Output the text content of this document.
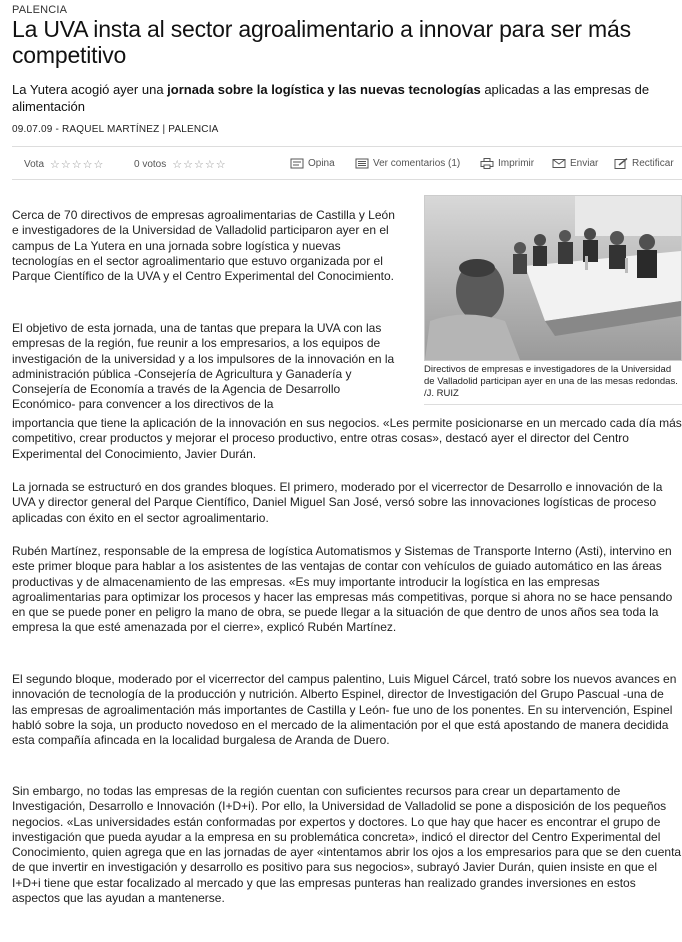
PALENCIA
La UVA insta al sector agroalimentario a innovar para ser más competitivo
La Yutera acogió ayer una jornada sobre la logística y las nuevas tecnologías aplicadas a las empresas de alimentación
09.07.09 - RAQUEL MARTÍNEZ | PALENCIA
Vota ☆☆☆☆☆	0 votos ☆☆☆☆☆	Opina	Ver comentarios (1)	Imprimir	Enviar	Rectificar
Directivos de empresas e investigadores de la Universidad de Valladolid participan ayer en una de las mesas redondas. /J. RUIZ

Cerca de 70 directivos de empresas agroalimentarias de Castilla y León e investigadores de la Universidad de Valladolid participaron ayer en el campus de La Yutera en una jornada sobre logística y nuevas tecnologías en el sector agroalimentario que estuvo organizada por el Parque Científico de la UVA y el Centro Experimental del Conocimiento.

El objetivo de esta jornada, una de tantas que prepara la UVA con las empresas de la región, fue reunir a los empresarios, a los equipos de investigación de la universidad y a los impulsores de la innovación en la administración pública -Consejería de Agricultura y Ganadería y Consejería de Economía a través de la Agencia de Desarrollo Económico- para convencer a los directivos de la

importancia que tiene la aplicación de la innovación en sus negocios. «Les permite posicionarse en un mercado cada día más competitivo, crear productos y mejorar el proceso productivo, entre otras cosas», destacó ayer el director del Centro Experimental del Conocimiento, Javier Durán.

La jornada se estructuró en dos grandes bloques. El primero, moderado por el vicerrector de Desarrollo e innovación de la UVA y director general del Parque Científico, Daniel Miguel San José, versó sobre las innovaciones logísticas de proceso aplicadas con éxito en el sector agroalimentario.

Rubén Martínez, responsable de la empresa de logística Automatismos y Sistemas de Transporte Interno (Asti), intervino en este primer bloque para hablar a los asistentes de las ventajas de contar con vehículos de guiado automático en las áreas productivas y de almacenamiento de las empresas. «Es muy importante introducir la logística en las empresas agroalimentarias para optimizar los procesos y hacer las empresas más competitivas, porque si ahora no se hace pensando en que se puede poner en peligro la mano de obra, se puede llegar a la situación de que dentro de unos años sea toda la empresa la que esté amenazada por el cierre», explicó Rubén Martínez.

El segundo bloque, moderado por el vicerrector del campus palentino, Luis Miguel Cárcel, trató sobre los nuevos avances en innovación de tecnología de la producción y nutrición. Alberto Espinel, director de Investigación del Grupo Pascual -una de las empresas de agroalimentación más importantes de Castilla y León- fue uno de los ponentes. En su intervención, Espinel habló sobre la soja, un producto novedoso en el mercado de la alimentación por el que está apostando de manera decidida esta compañía afincada en la localidad burgalesa de Aranda de Duero.

Sin embargo, no todas las empresas de la región cuentan con suficientes recursos para crear un departamento de Investigación, Desarrollo e Innovación (I+D+i). Por ello, la Universidad de Valladolid se pone a disposición de los pequeños negocios. «Las universidades están conformadas por expertos y doctores. Lo que hay que hacer es encontrar el grupo de investigación que pueda ayudar a la empresa en su problemática concreta», indicó el director del Centro Experimental del Conocimiento, quien agrega que en las jornadas de ayer «intentamos abrir los ojos a los empresarios para que se den cuenta de que invertir en investigación y desarrollo es positivo para sus negocios», subrayó Javier Durán, quien insiste en que el I+D+i tiene que estar focalizado al mercado y que las empresas punteras han realizado grandes inversiones en estos aspectos que las ayudan a mantenerse.
